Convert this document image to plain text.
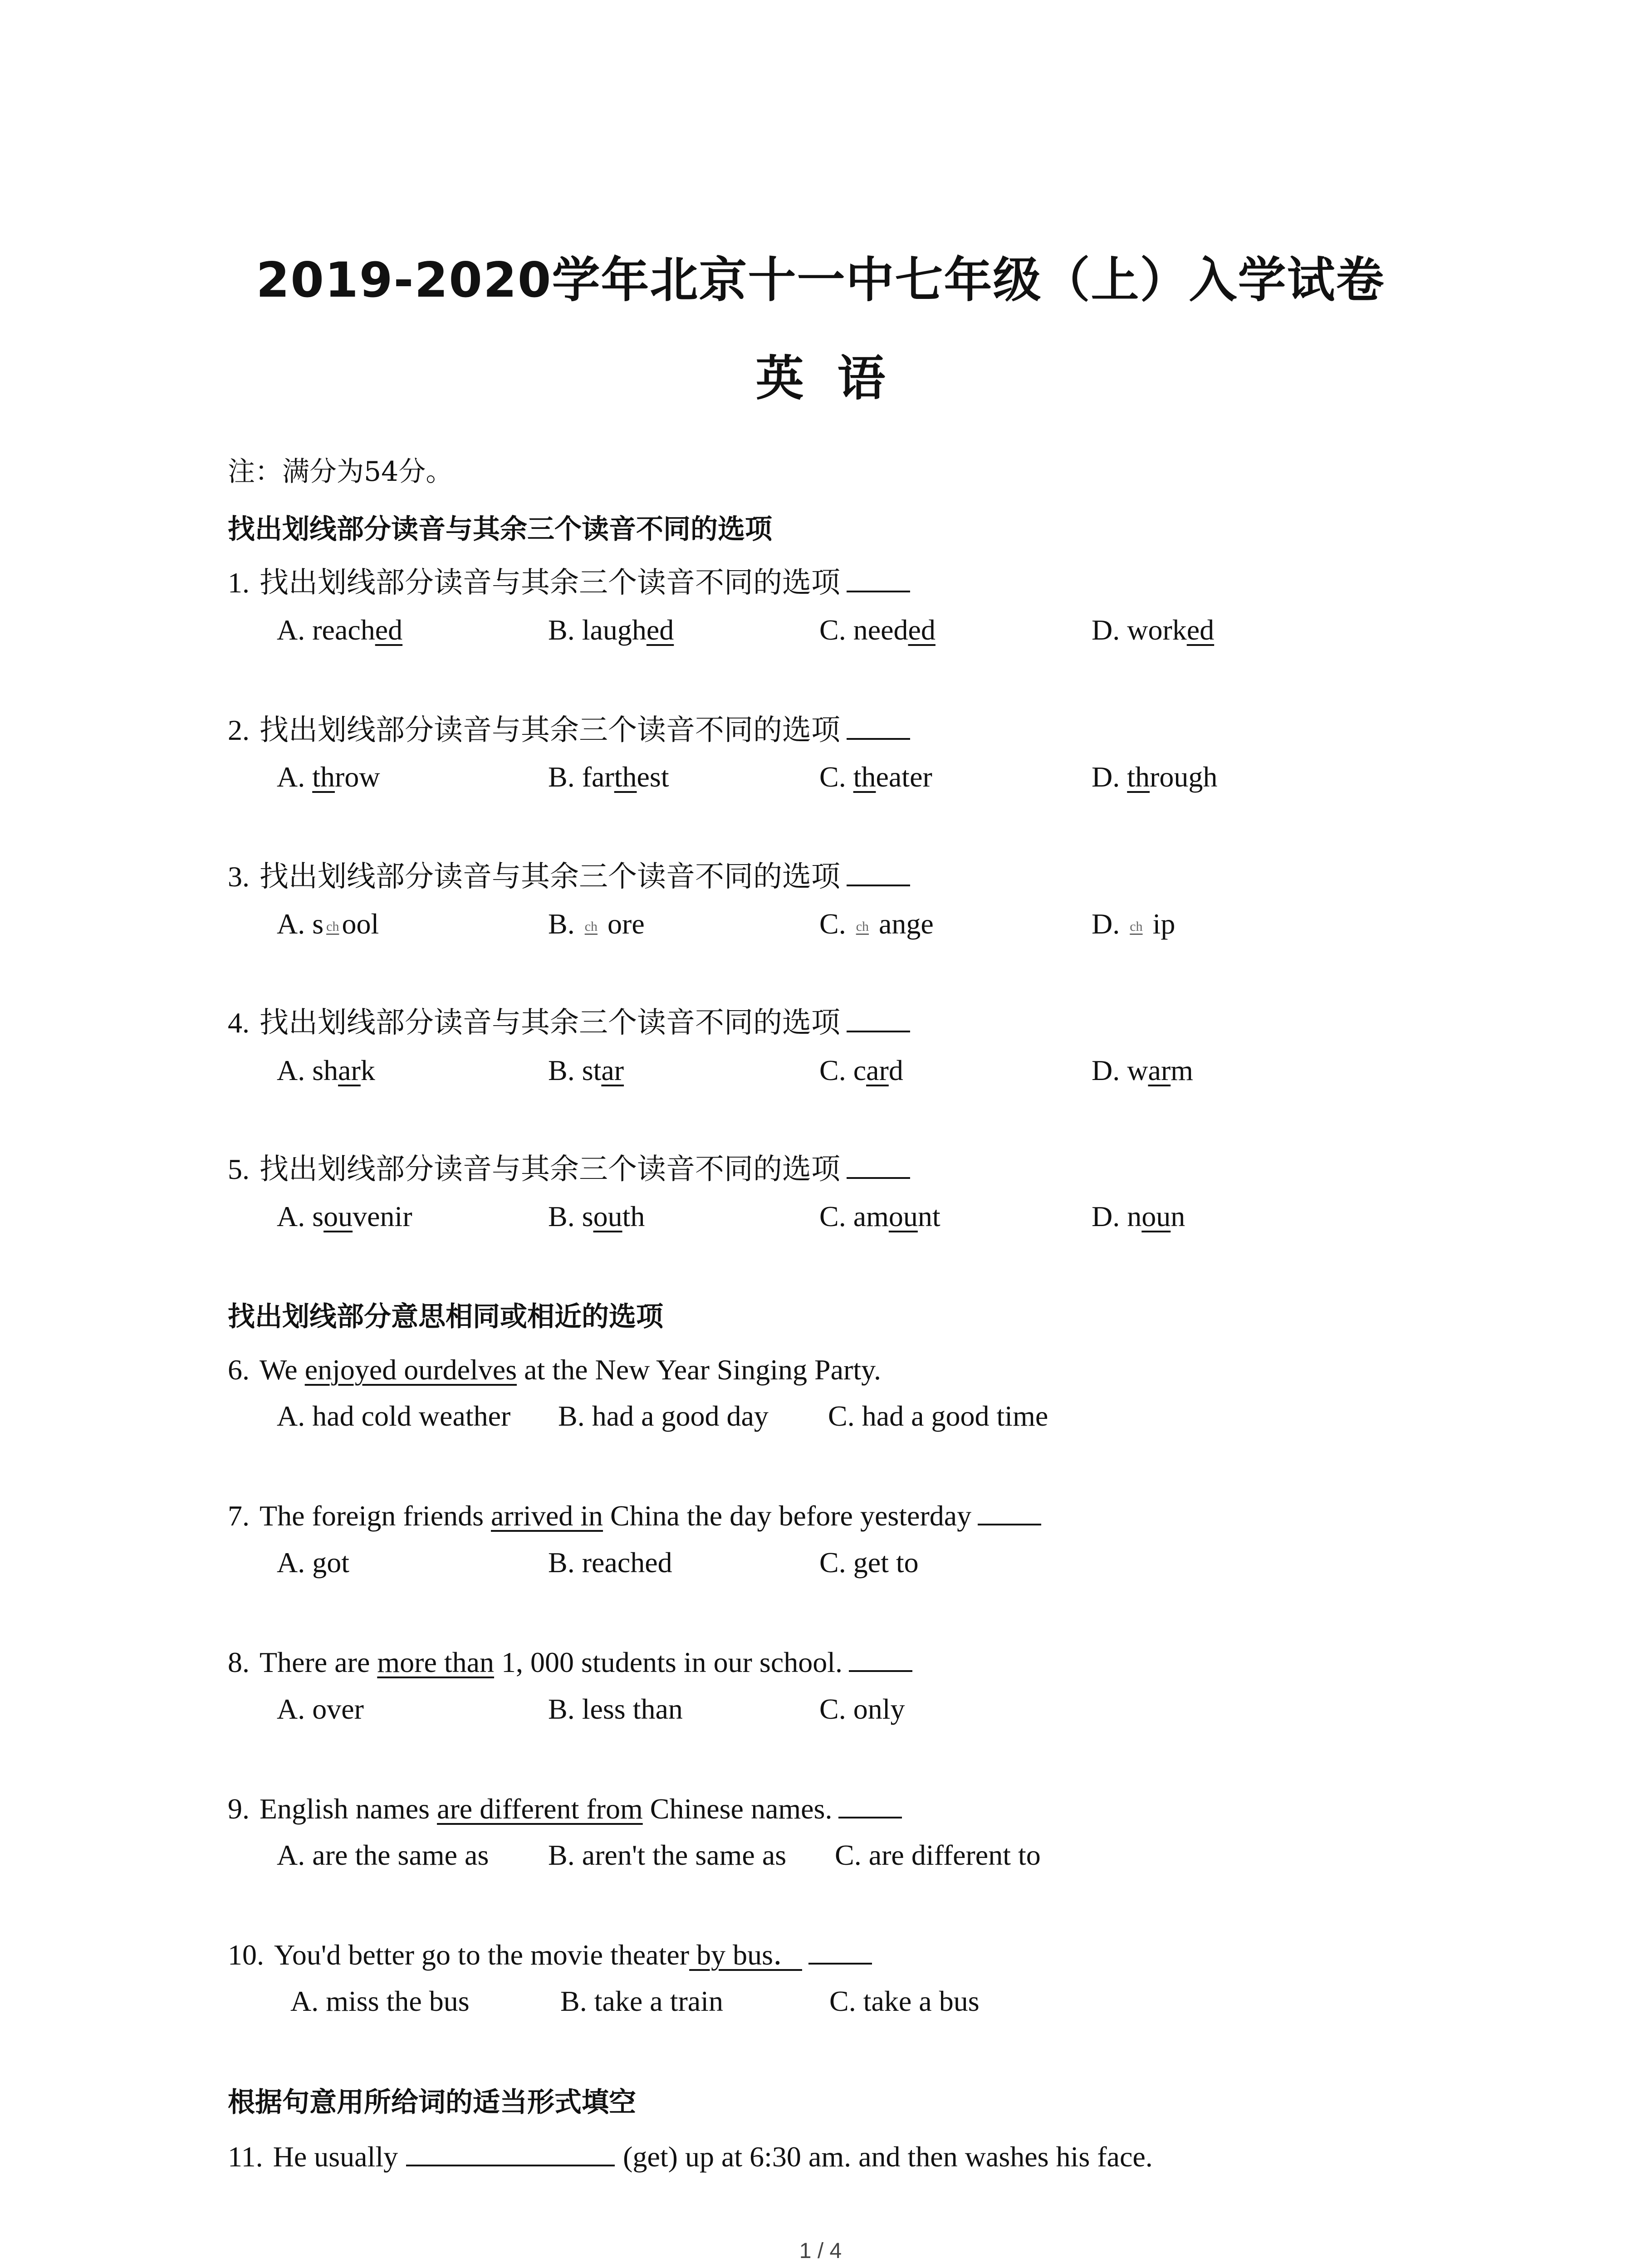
2019-2020学年北京十一中七年级（上）入学试卷
英  语
注：满分为54分。
找出划线部分读音与其余三个读音不同的选项
1. 找出划线部分读音与其余三个读音不同的选项
A. reached	B. laughed	C. needed	D. worked
2. 找出划线部分读音与其余三个读音不同的选项
A. throw	B. farthest	C. theater	D. through
3. 找出划线部分读音与其余三个读音不同的选项
A. s chool	B. ch ore	C. ch ange	D. ch ip
4. 找出划线部分读音与其余三个读音不同的选项
A. shark	B. star	C. card	D. warm
5. 找出划线部分读音与其余三个读音不同的选项
A. souvenir	B. south	C. amount	D. noun
找出划线部分意思相同或相近的选项
6. We enjoyed ourdelves at the New Year Singing Party.
A. had cold weather B. had a good day C. had a good time
7. The foreign friends arrived in China the day before yesterday
A. got	B. reached	C. get to
8. There are more than 1, 000 students in our school.
A. over	B. less than	C. only
9. English names are different from Chinese names.
A. are the same as B. aren't the same as C. are different to
10. You'd better go to the movie theater by bus．
A. miss the bus	B. take a train	C. take a bus
根据句意用所给词的适当形式填空
11. He usually	(get) up at 6:30 am. and then washes his face.
1 / 4
